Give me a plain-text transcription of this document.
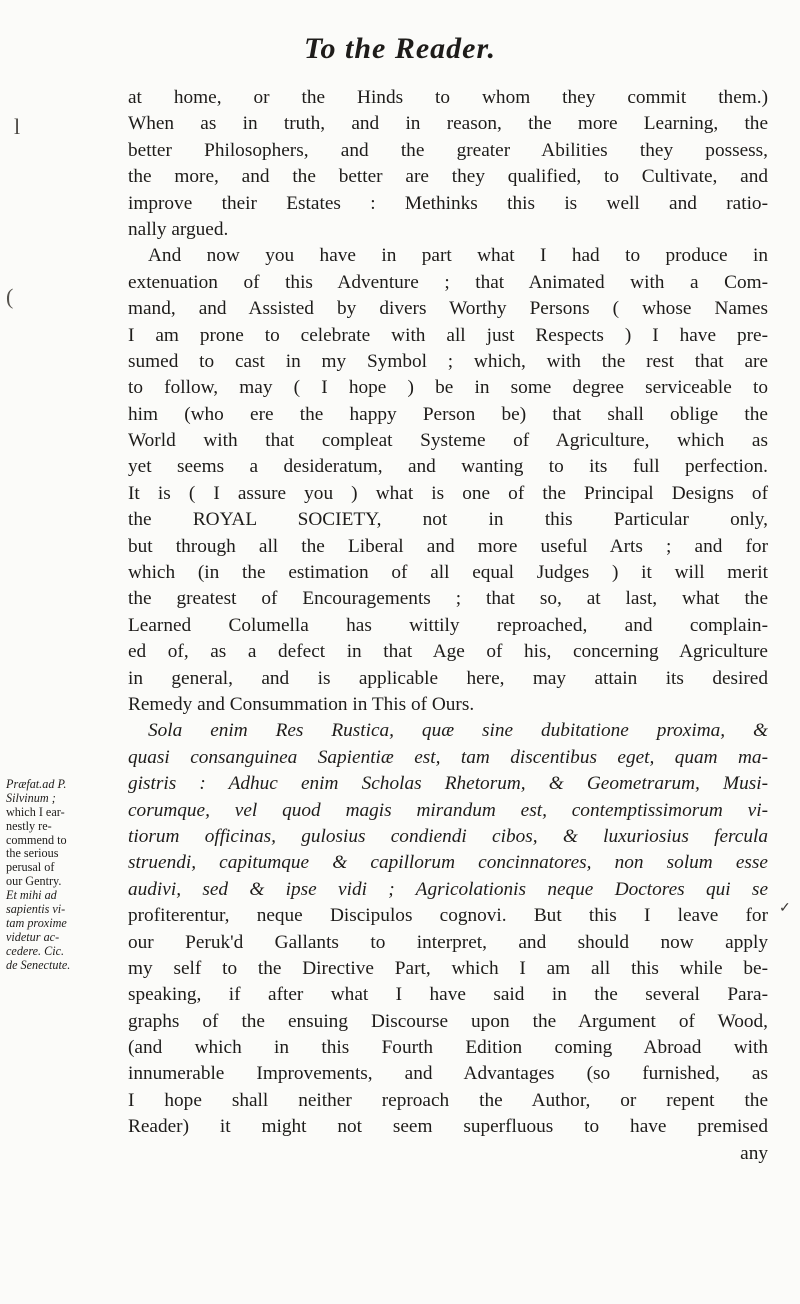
To the Reader.
at home, or the Hinds to whom they commit them.)
When as in truth, and in reason, the more Learning, the
better Philosophers, and the greater Abilities they possess,
the more, and the better are they qualified, to Cultivate, and
improve their Estates : Methinks this is well and ratio-
nally argued.
And now you have in part what I had to produce in
extenuation of this Adventure ; that Animated with a Com-
mand, and Assisted by divers Worthy Persons ( whose Names
I am prone to celebrate with all just Respects ) I have pre-
sumed to cast in my Symbol ; which, with the rest that are
to follow, may ( I hope ) be in some degree serviceable to
him (who ere the happy Person be) that shall oblige the
World with that compleat Systeme of Agriculture, which as
yet seems a desideratum, and wanting to its full perfection.
It is ( I assure you ) what is one of the Principal Designs of
the ROYAL SOCIETY, not in this Particular only,
but through all the Liberal and more useful Arts ; and for
which (in the estimation of all equal Judges ) it will merit
the greatest of Encouragements ; that so, at last, what the
Learned Columella has wittily reproached, and complain-
ed of, as a defect in that Age of his, concerning Agriculture
in general, and is applicable here, may attain its desired
Remedy and Consummation in This of Ours.
Sola enim Res Rustica, quæ sine dubitatione proxima, &
quasi consanguinea Sapientiæ est, tam discentibus eget, quam ma-
gistris : Adhuc enim Scholas Rhetorum, & Geometrarum, Musi-
corumque, vel quod magis mirandum est, contemptissimorum vi-
tiorum officinas, gulosius condiendi cibos, & luxuriosius fercula
struendi, capitumque & capillorum concinnatores, non solum esse
audivi, sed & ipse vidi ; Agricolationis neque Doctores qui se
profiterentur, neque Discipulos cognovi. But this I leave for
our Peruk'd Gallants to interpret, and should now apply
my self to the Directive Part, which I am all this while be-
speaking, if after what I have said in the several Para-
graphs of the ensuing Discourse upon the Argument of Wood,
(and which in this Fourth Edition coming Abroad with
innumerable Improvements, and Advantages (so furnished, as
I hope shall neither reproach the Author, or repent the
Reader) it might not seem superfluous to have premised
any
Præfat.ad P.
Silvinum ;
which I ear-
nestly re-
commend to
the serious
perusal of
our Gentry.
Et mihi ad
sapientis vi-
tam proxime
videtur ac-
cedere. Cic.
de Senectute.
l
(
✓
